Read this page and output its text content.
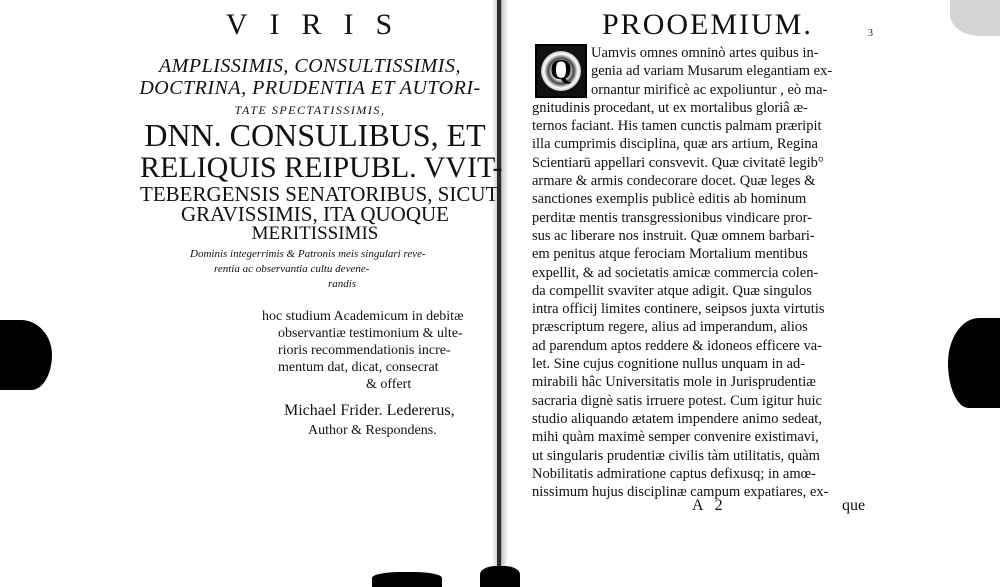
VIRIS
AMPLISSIMIS, CONSULTISSIMIS,
DOCTRINA, PRUDENTIA ET AUTORI-
TATE SPECTATISSIMIS,
DNN. CONSULIBUS, ET
RELIQUIS REIPUBL. VVIT-
TEBERGENSIS SENATORIBUS, SICUT
GRAVISSIMIS, ITA QUOQUE
MERITISSIMIS
Dominis integerrimis & Patronis meis singulari reve-
rentia ac observantia cultu devene-
randis
hoc studium Academicum in debitæ
observantiæ testimonium & ulte-
rioris recommendationis incre-
mentum dat, dicat, consecrat
& offert
Michael Frider. Ledererus,
Author & Respondens.
3
PROOEMIUM.
Q
Uamvis omnes omninò artes quibus in-
genia ad variam Musarum elegantiam ex-
ornantur mirificè ac expoliuntur , eò ma-
gnitudinis procedant, ut ex mortalibus gloriâ æ-
ternos faciant. His tamen cunctis palmam præripit
illa cumprimis disciplina, quæ ars artium, Regina
Scientiarū appellari consvevit. Quæ civitatē legib°
armare & armis condecorare docet. Quæ leges &
sanctiones exemplis publicè editis ab hominum
perditæ mentis transgressionibus vindicare pror-
sus ac liberare nos instruit. Quæ omnem barbari-
em penitus atque ferociam Mortalium mentibus
expellit, & ad societatis amicæ commercia colen-
da compellit svaviter atque adigit. Quæ singulos
intra officij limites continere, seipsos juxta virtutis
præscriptum regere, alius ad imperandum, alios
ad parendum aptos reddere & idoneos efficere va-
let. Sine cujus cognitione nullus unquam in ad-
mirabili hâc Universitatis mole in Jurisprudentiæ
sacraria dignè satis irruere potest. Cum igitur huic
studio aliquando ætatem impendere animo sedeat,
mihi quàm maximè semper convenire existimavi,
ut singularis prudentiæ civilis tàm utilitatis, quàm
Nobilitatis admiratione captus defixusq; in amœ-
nissimum hujus disciplinæ campum expatiares, ex-
A 2	que
